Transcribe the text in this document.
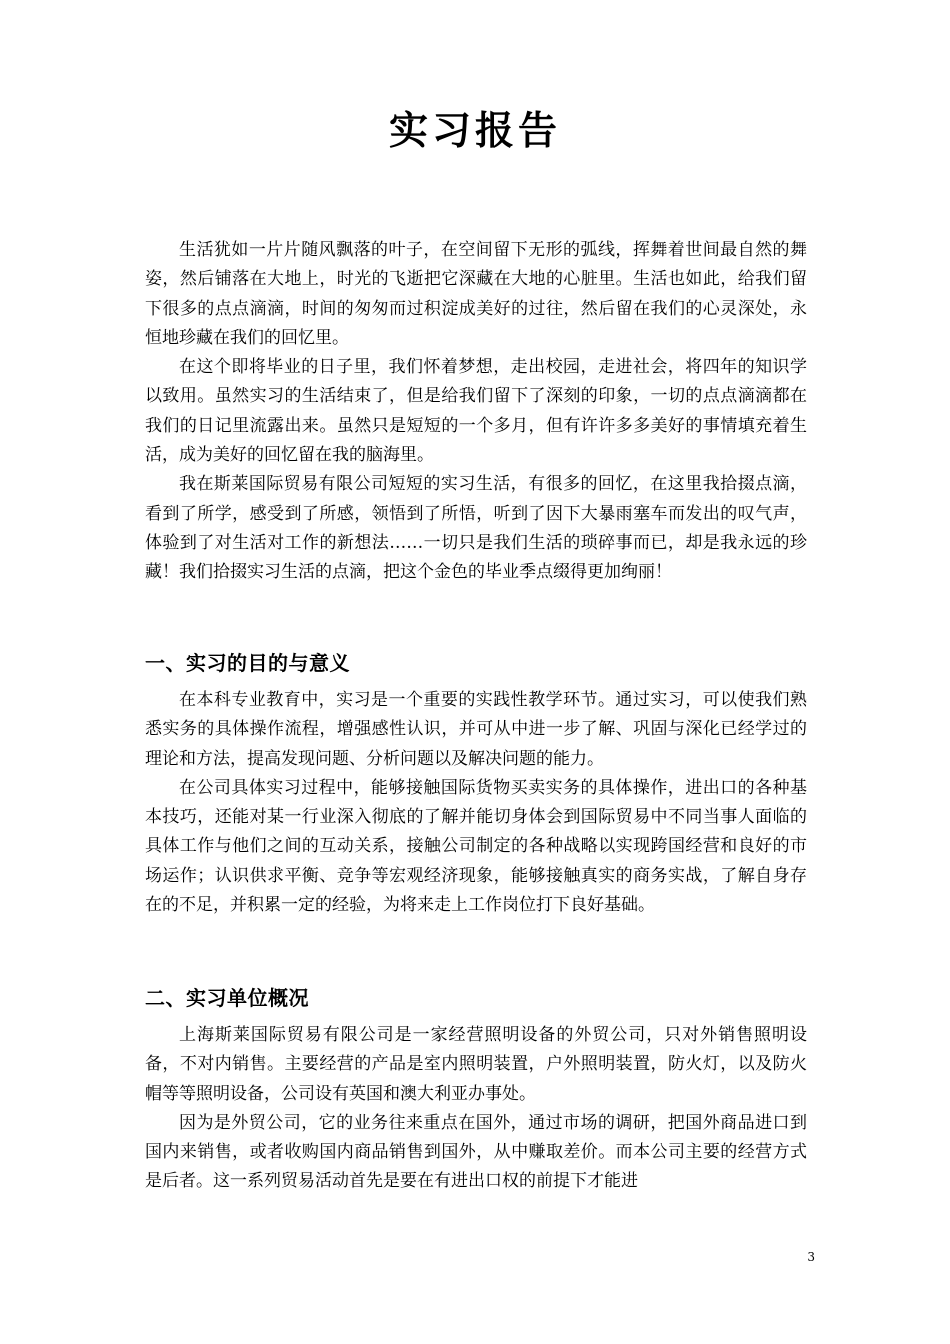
实习报告

生活犹如一片片随风飘落的叶子，在空间留下无形的弧线，挥舞着世间最自然的舞姿，然后铺落在大地上，时光的飞逝把它深藏在大地的心脏里。生活也如此，给我们留下很多的点点滴滴，时间的匆匆而过积淀成美好的过往，然后留在我们的心灵深处，永恒地珍藏在我们的回忆里。

在这个即将毕业的日子里，我们怀着梦想，走出校园，走进社会，将四年的知识学以致用。虽然实习的生活结束了，但是给我们留下了深刻的印象，一切的点点滴滴都在我们的日记里流露出来。虽然只是短短的一个多月，但有许许多多美好的事情填充着生活，成为美好的回忆留在我的脑海里。

我在斯莱国际贸易有限公司短短的实习生活，有很多的回忆，在这里我拾掇点滴，看到了所学，感受到了所感，领悟到了所悟，听到了因下大暴雨塞车而发出的叹气声，体验到了对生活对工作的新想法……一切只是我们生活的琐碎事而已，却是我永远的珍藏！我们拾掇实习生活的点滴，把这个金色的毕业季点缀得更加绚丽！

一、实习的目的与意义

在本科专业教育中，实习是一个重要的实践性教学环节。通过实习，可以使我们熟悉实务的具体操作流程，增强感性认识，并可从中进一步了解、巩固与深化已经学过的理论和方法，提高发现问题、分析问题以及解决问题的能力。

在公司具体实习过程中，能够接触国际货物买卖实务的具体操作，进出口的各种基本技巧，还能对某一行业深入彻底的了解并能切身体会到国际贸易中不同当事人面临的具体工作与他们之间的互动关系，接触公司制定的各种战略以实现跨国经营和良好的市场运作；认识供求平衡、竞争等宏观经济现象，能够接触真实的商务实战，了解自身存在的不足，并积累一定的经验，为将来走上工作岗位打下良好基础。

二、实习单位概况

上海斯莱国际贸易有限公司是一家经营照明设备的外贸公司，只对外销售照明设备，不对内销售。主要经营的产品是室内照明装置，户外照明装置，防火灯，以及防火帽等等照明设备，公司设有英国和澳大利亚办事处。

因为是外贸公司，它的业务往来重点在国外，通过市场的调研，把国外商品进口到国内来销售，或者收购国内商品销售到国外，从中赚取差价。而本公司主要的经营方式是后者。这一系列贸易活动首先是要在有进出口权的前提下才能进

3
